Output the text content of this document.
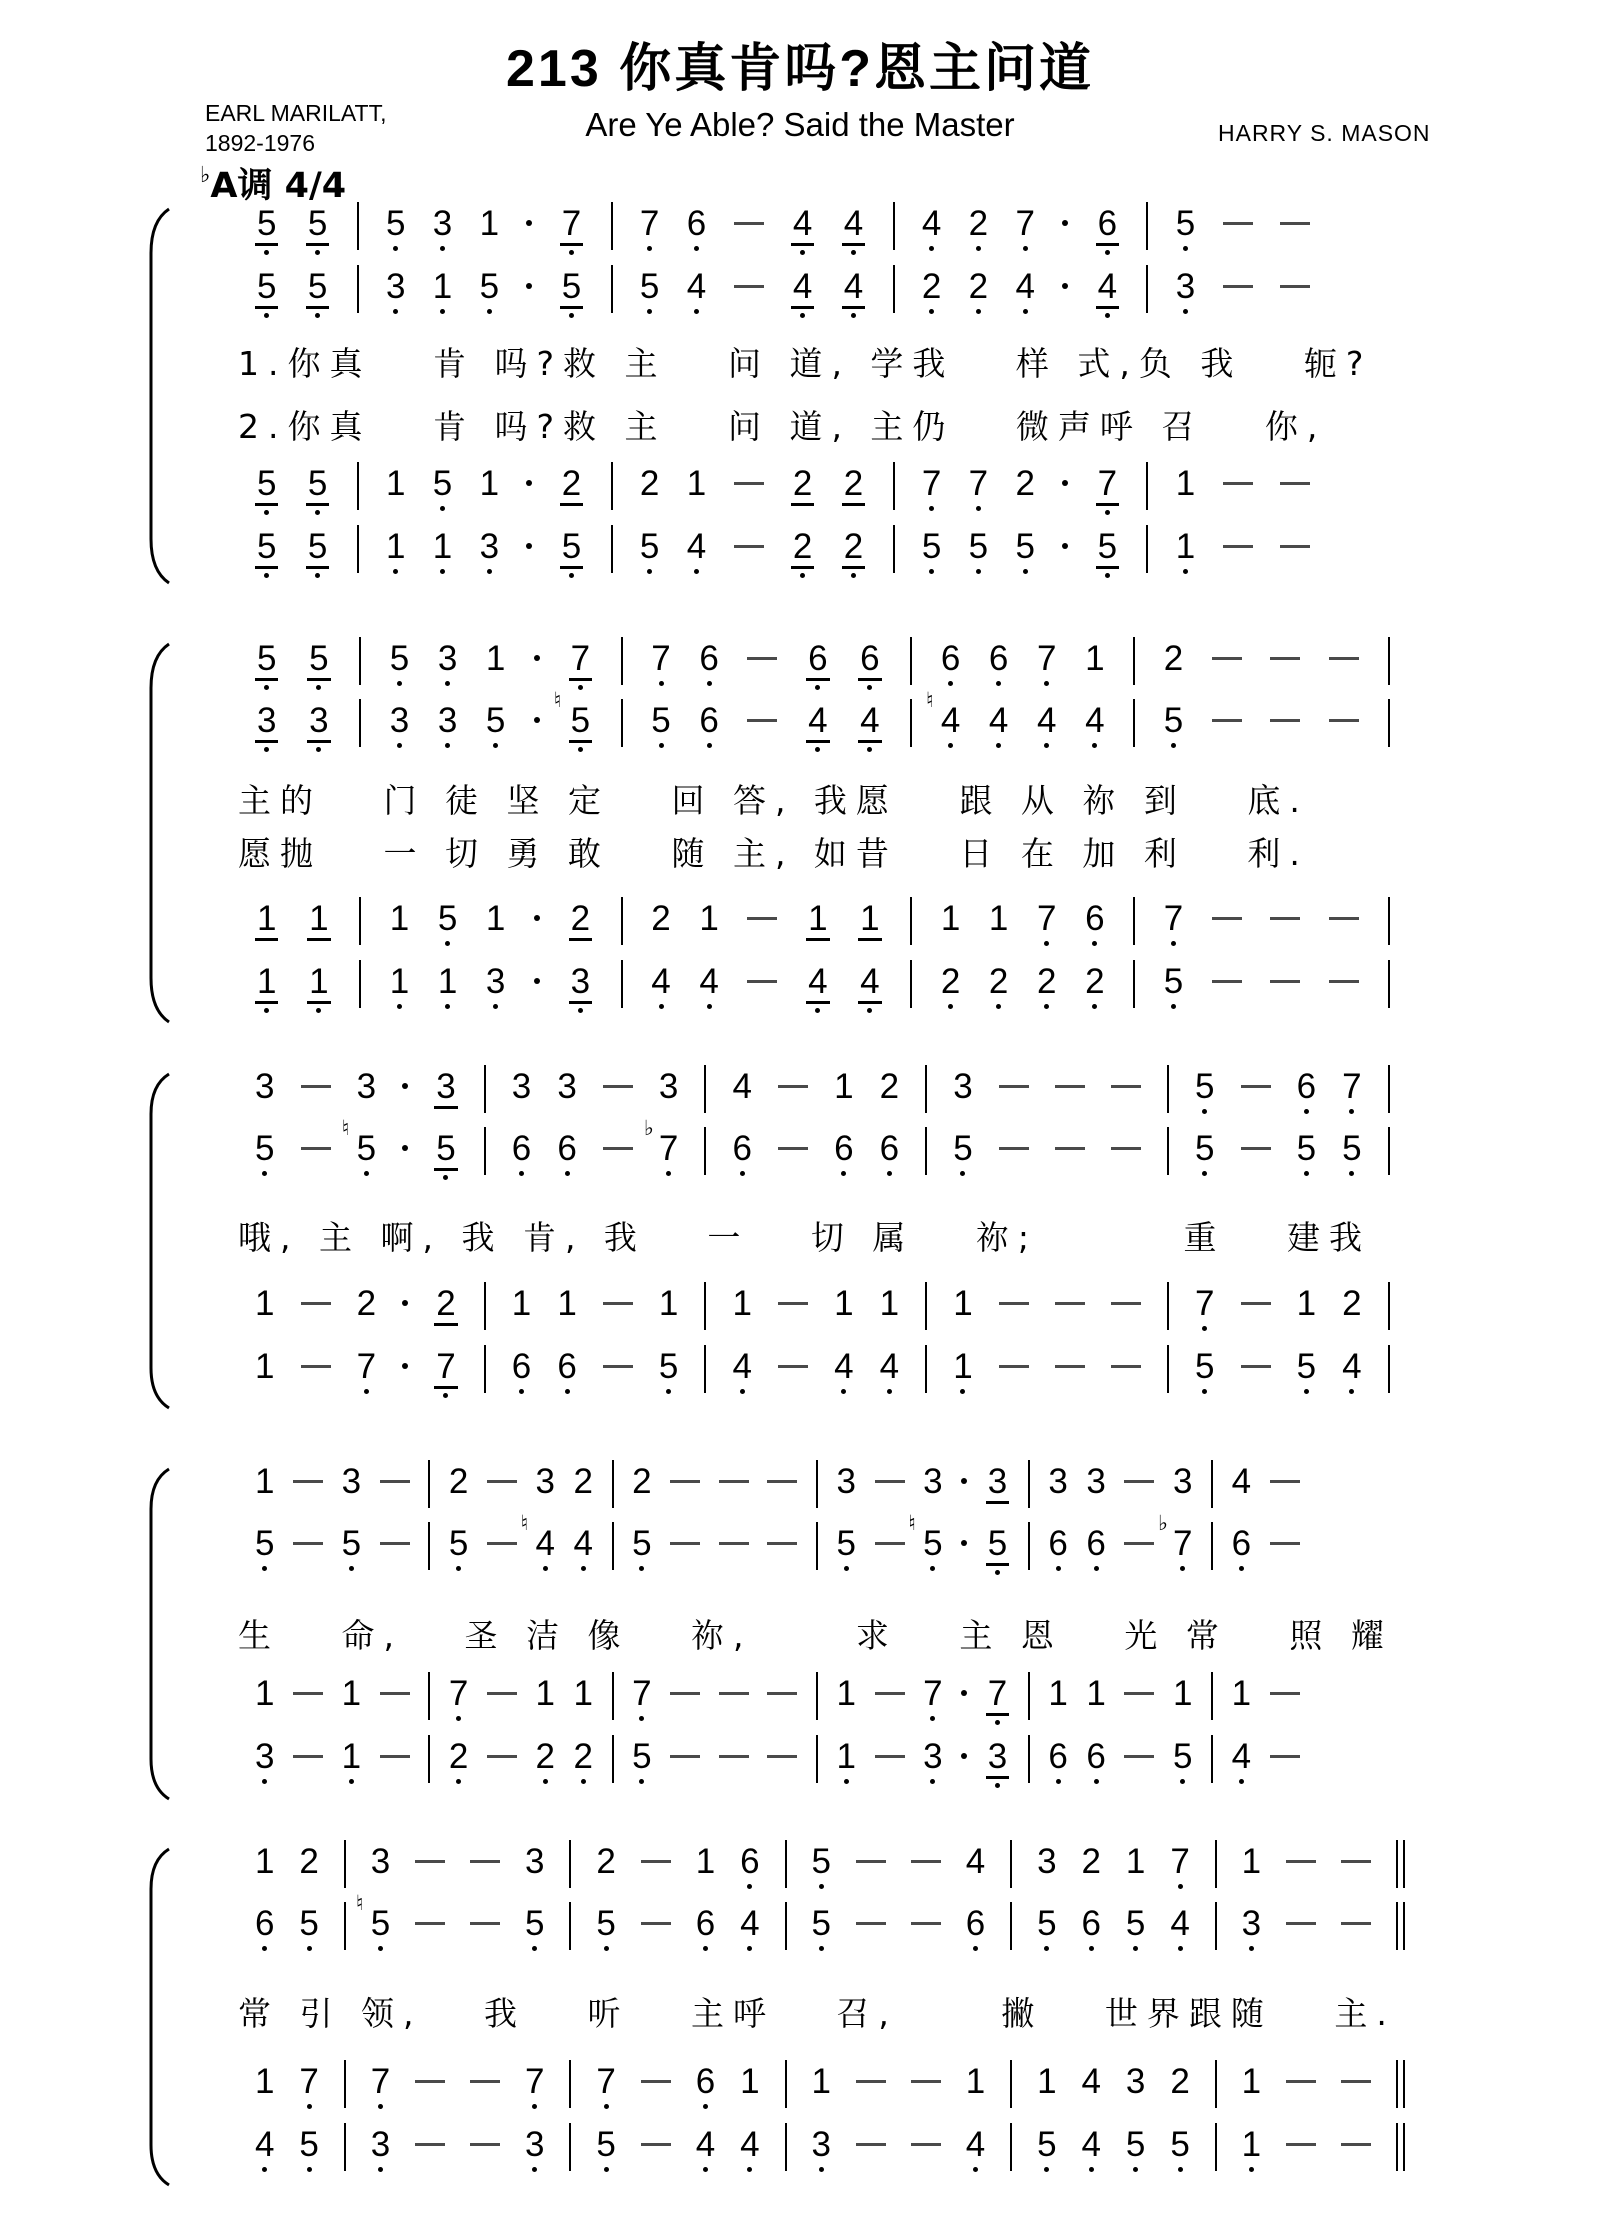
213 你真肯吗?恩主问道
Are Ye Able? Said the Master
EARL MARILATT,
1892-1976	HARRY S. MASON
♭A调 4/4
5 5 5 3 1 7 7 6 4 4 4 2 7 6 5
5 5 3 1 5 5 5 4 4 4 2 2 4 4 3
1.你真　 肯 吗?救 主　 问 道, 学我　 样 式,负 我　 轭?
2.你真　 肯 吗?救 主　 问 道, 主仍　 微声呼 召　 你,
5 5 1 5 1 2 2 1 2 2 7 7 2 7 1
5 5 1 1 3 5 5 4 2 2 5 5 5 5 1
5 5 5 3 1 7 7 6	6 6 6 6 7 1 2
3 3 3 3 5
♮
5 5 6	4 4
♮
4 4 4 4 5
主的　 门 徒 坚 定　 回 答, 我愿　 跟 从 祢 到　 底.
愿抛　 一 切 勇 敢　 随 主, 如昔　 日 在 加 利　 利.
1 1 1 5 1 2 2 1	1 1 1 1 7 6 7
1 1 1 1 3 3 4 4	4 4 2 2 2 2 5
3 3 3 3 3 3 4 1 2 3	5 6 7
5
♮
5 5 6 6
♭
7 6 6 6 5	5 5 5
哦, 主 啊, 我 肯, 我　 一　 切 属　 祢;　　　 重　 建我
1 2 2 1 1 1 1 1 1 1	7 1 2
1 7 7 6 6 5 4 4 4 1	5 5 4
1 3	2 3 2 2	3 3 3 3 3 3 4
5 5	5
♮
4 4 5	5
♮
5 5 6 6
♭
7 6
生　 命,　 圣 洁 像　 祢,　　 求　 主 恩　 光 常　 照 耀
1 1	7 1 1 7	1 7 7 1 1 1 1
3 1	2 2 2 5	1 3 3 6 6 5 4
1 2 3	3 2 1 6 5	4 3 2 1 7 1
6 5
♮
5	5 5 6 4 5	6 5 6 5 4 3
常 引 领,　 我　 听　 主呼　 召,　　 撇　 世界跟随　 主.
1 7 7	7 7 6 1 1	1 1 4 3 2 1
4 5 3	3 5 4 4 3	4 5 4 5 5 1
